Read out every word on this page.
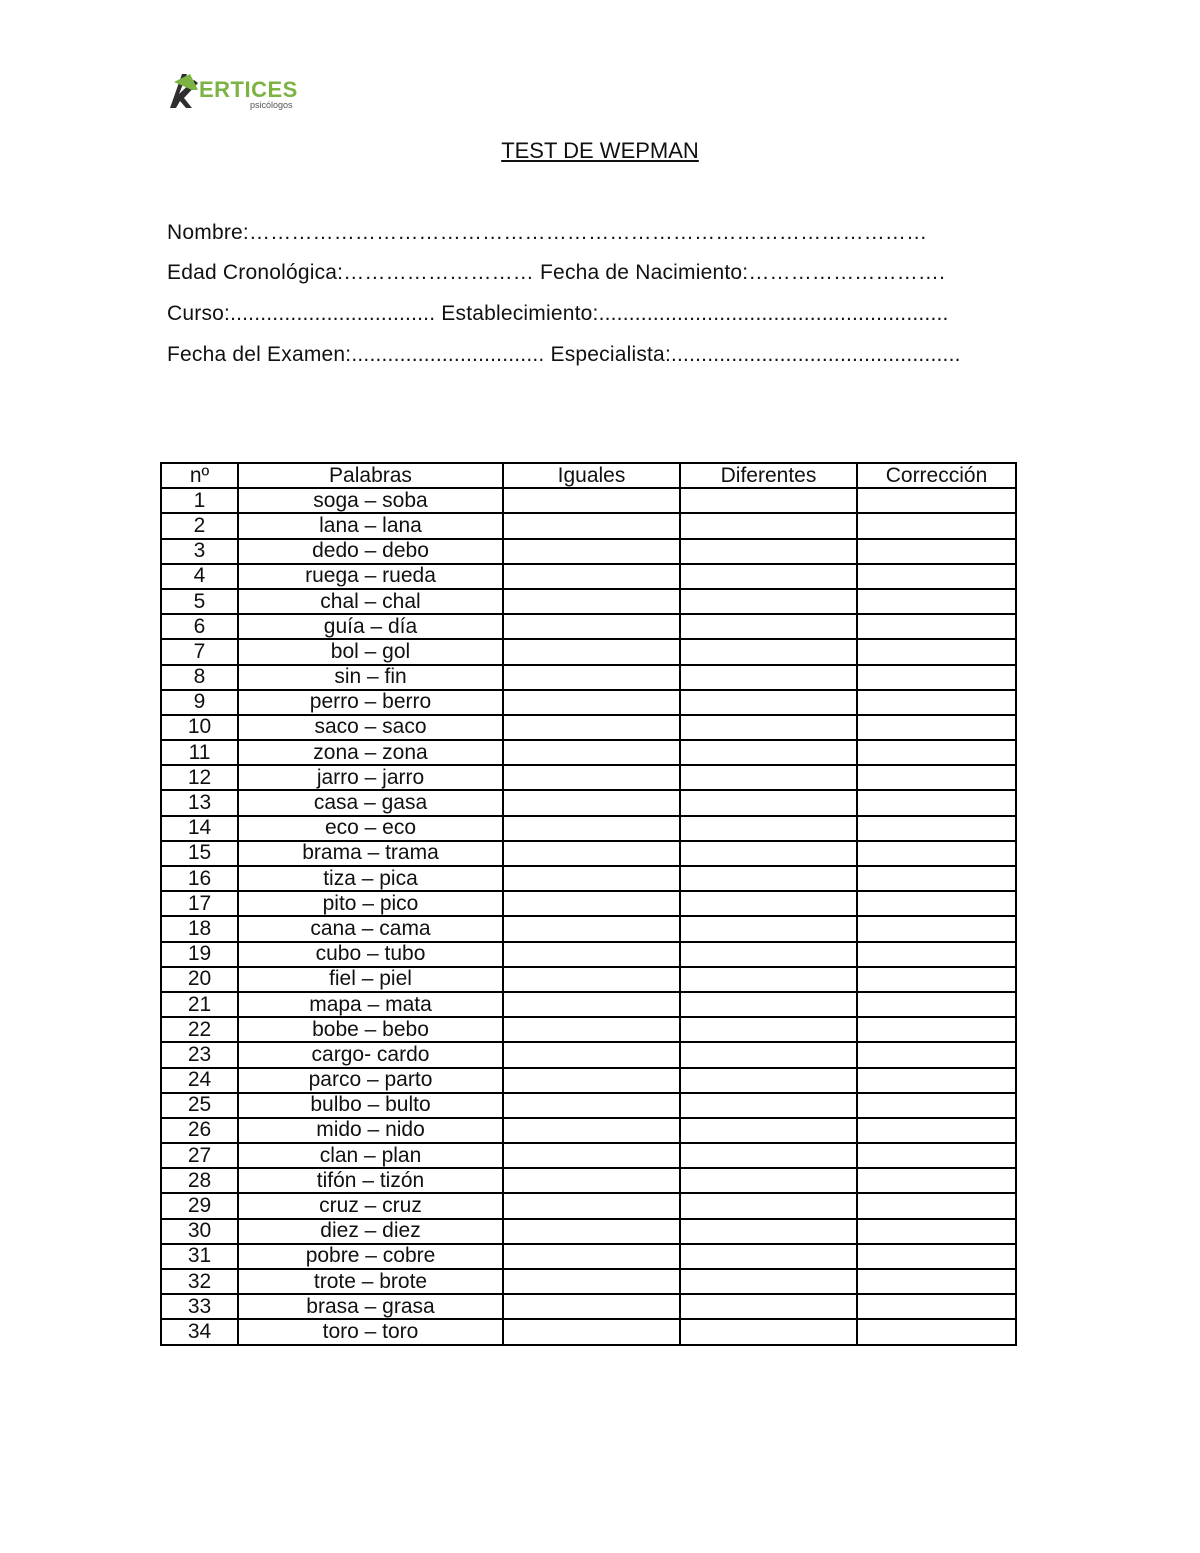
ERTICES
psicólogos
TEST DE WEPMAN
Nombre:……………………………………………………………………………………
Edad Cronológica:……………………… Fecha de Nacimiento:……………………….
Curso:.................................. Establecimiento:..........................................................
Fecha del Examen:................................ Especialista:................................................
nº	Palabras	Iguales	Diferentes	Corrección
1	soga – soba			
2	lana – lana			
3	dedo – debo			
4	ruega – rueda			
5	chal – chal			
6	guía – día			
7	bol – gol			
8	sin – fin			
9	perro – berro			
10	saco – saco			
11	zona – zona			
12	jarro – jarro			
13	casa – gasa			
14	eco – eco			
15	brama – trama			
16	tiza – pica			
17	pito – pico			
18	cana – cama			
19	cubo – tubo			
20	fiel – piel			
21	mapa – mata			
22	bobe – bebo			
23	cargo- cardo			
24	parco – parto			
25	bulbo – bulto			
26	mido – nido			
27	clan – plan			
28	tifón – tizón			
29	cruz – cruz			
30	diez – diez			
31	pobre – cobre			
32	trote – brote			
33	brasa – grasa			
34	toro – toro			
